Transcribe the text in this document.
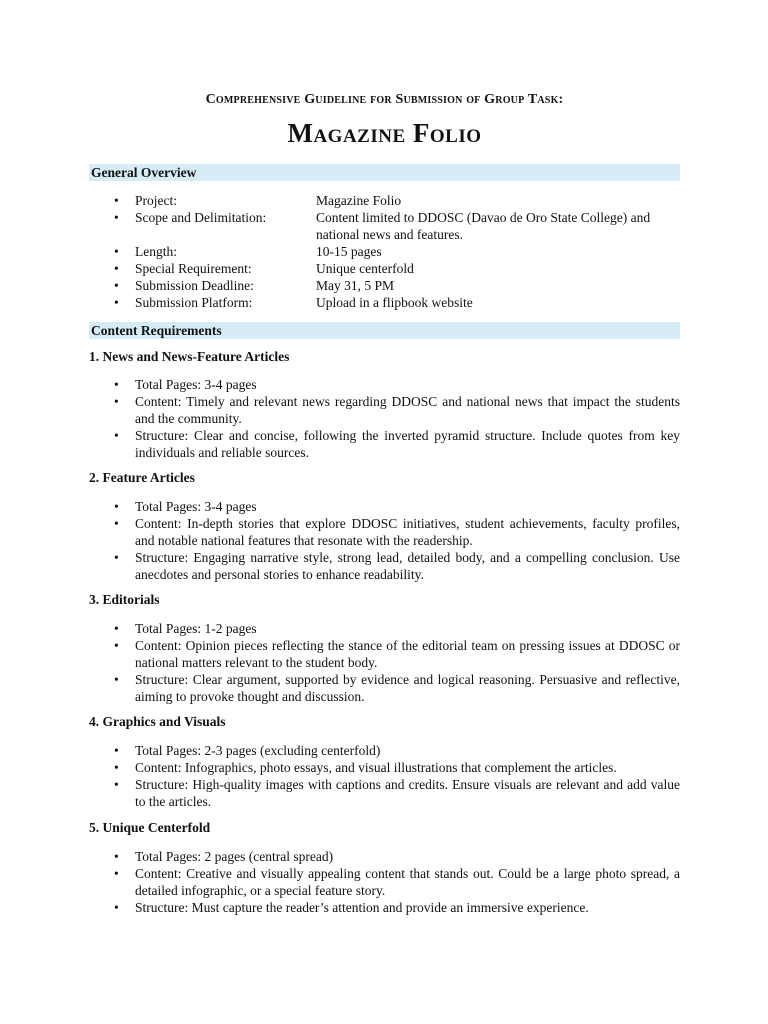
Comprehensive Guideline for Submission of Group Task:
Magazine Folio
General Overview
• Project:	Magazine Folio
• Scope and Delimitation:	Content limited to DDOSC (Davao de Oro State College) and national news and features.
• Length:	10-15 pages
• Special Requirement:	Unique centerfold
• Submission Deadline:	May 31, 5 PM
• Submission Platform:	Upload in a flipbook website
Content Requirements
1. News and News-Feature Articles
• Total Pages: 3-4 pages
• Content: Timely and relevant news regarding DDOSC and national news that impact the students and the community.
• Structure: Clear and concise, following the inverted pyramid structure. Include quotes from key individuals and reliable sources.
2. Feature Articles
• Total Pages: 3-4 pages
• Content: In-depth stories that explore DDOSC initiatives, student achievements, faculty profiles, and notable national features that resonate with the readership.
• Structure: Engaging narrative style, strong lead, detailed body, and a compelling conclusion. Use anecdotes and personal stories to enhance readability.
3. Editorials
• Total Pages: 1-2 pages
• Content: Opinion pieces reflecting the stance of the editorial team on pressing issues at DDOSC or national matters relevant to the student body.
• Structure: Clear argument, supported by evidence and logical reasoning. Persuasive and reflective, aiming to provoke thought and discussion.
4. Graphics and Visuals
• Total Pages: 2-3 pages (excluding centerfold)
• Content: Infographics, photo essays, and visual illustrations that complement the articles.
• Structure: High-quality images with captions and credits. Ensure visuals are relevant and add value to the articles.
5. Unique Centerfold
• Total Pages: 2 pages (central spread)
• Content: Creative and visually appealing content that stands out. Could be a large photo spread, a detailed infographic, or a special feature story.
• Structure: Must capture the reader’s attention and provide an immersive experience.
